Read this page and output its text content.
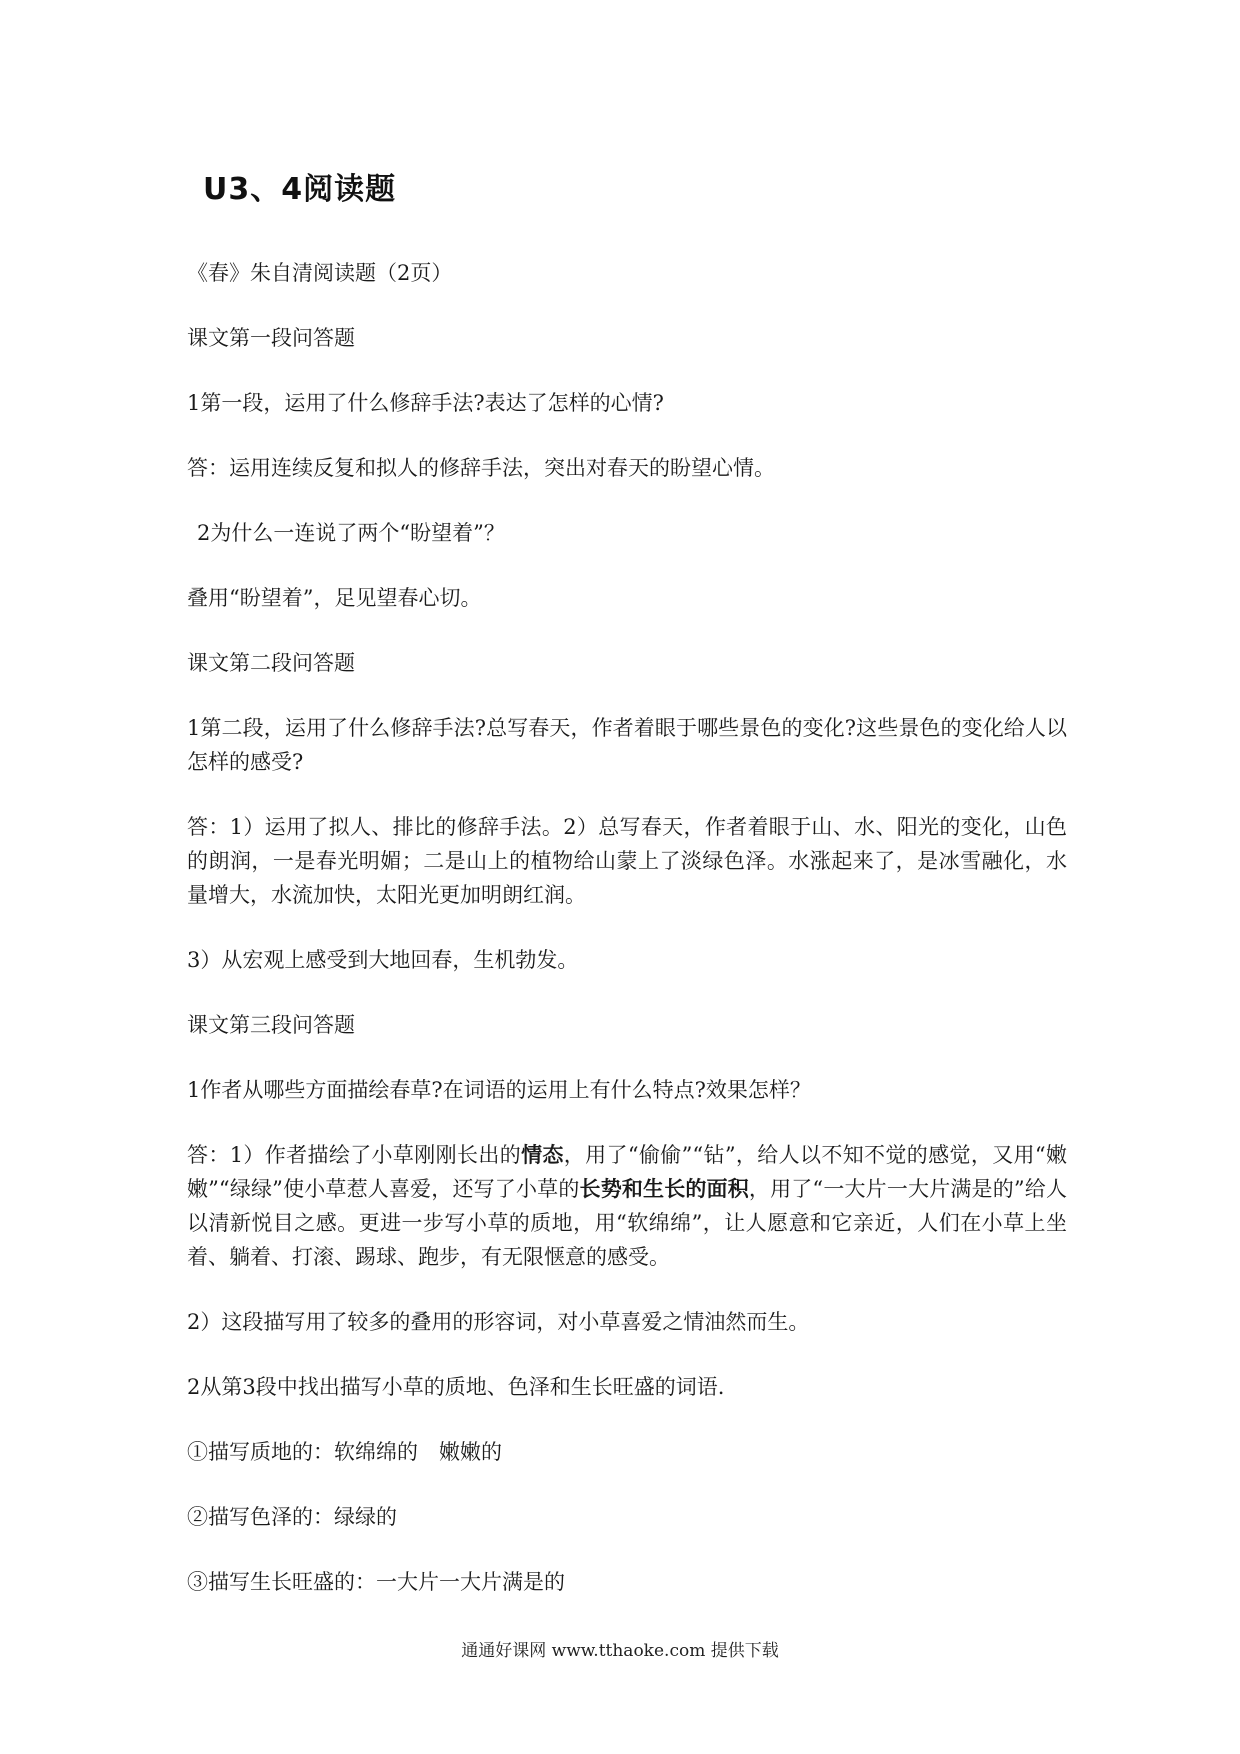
U3、4阅读题

《春》朱自清阅读题（2页）

课文第一段问答题

1第一段，运用了什么修辞手法?表达了怎样的心情?

答：运用连续反复和拟人的修辞手法，突出对春天的盼望心情。

2为什么一连说了两个“盼望着”？

叠用“盼望着”，足见望春心切。

课文第二段问答题

1第二段，运用了什么修辞手法?总写春天，作者着眼于哪些景色的变化?这些景色的变化给人以怎样的感受?

答：1）运用了拟人、排比的修辞手法。2）总写春天，作者着眼于山、水、阳光的变化，山色的朗润，一是春光明媚；二是山上的植物给山蒙上了淡绿色泽。水涨起来了，是冰雪融化，水量增大，水流加快，太阳光更加明朗红润。

3）从宏观上感受到大地回春，生机勃发。

课文第三段问答题

1作者从哪些方面描绘春草?在词语的运用上有什么特点?效果怎样？

答：1）作者描绘了小草刚刚长出的情态，用了“偷偷”“钻”，给人以不知不觉的感觉，又用“嫩嫩”“绿绿”使小草惹人喜爱，还写了小草的长势和生长的面积，用了“一大片一大片满是的”给人以清新悦目之感。更进一步写小草的质地，用“软绵绵”，让人愿意和它亲近，人们在小草上坐着、躺着、打滚、踢球、跑步，有无限惬意的感受。

2）这段描写用了较多的叠用的形容词，对小草喜爱之情油然而生。

2从第3段中找出描写小草的质地、色泽和生长旺盛的词语.

①描写质地的：软绵绵的　嫩嫩的

②描写色泽的：绿绿的

③描写生长旺盛的：一大片一大片满是的

通通好课网 www.tthaoke.com 提供下载
